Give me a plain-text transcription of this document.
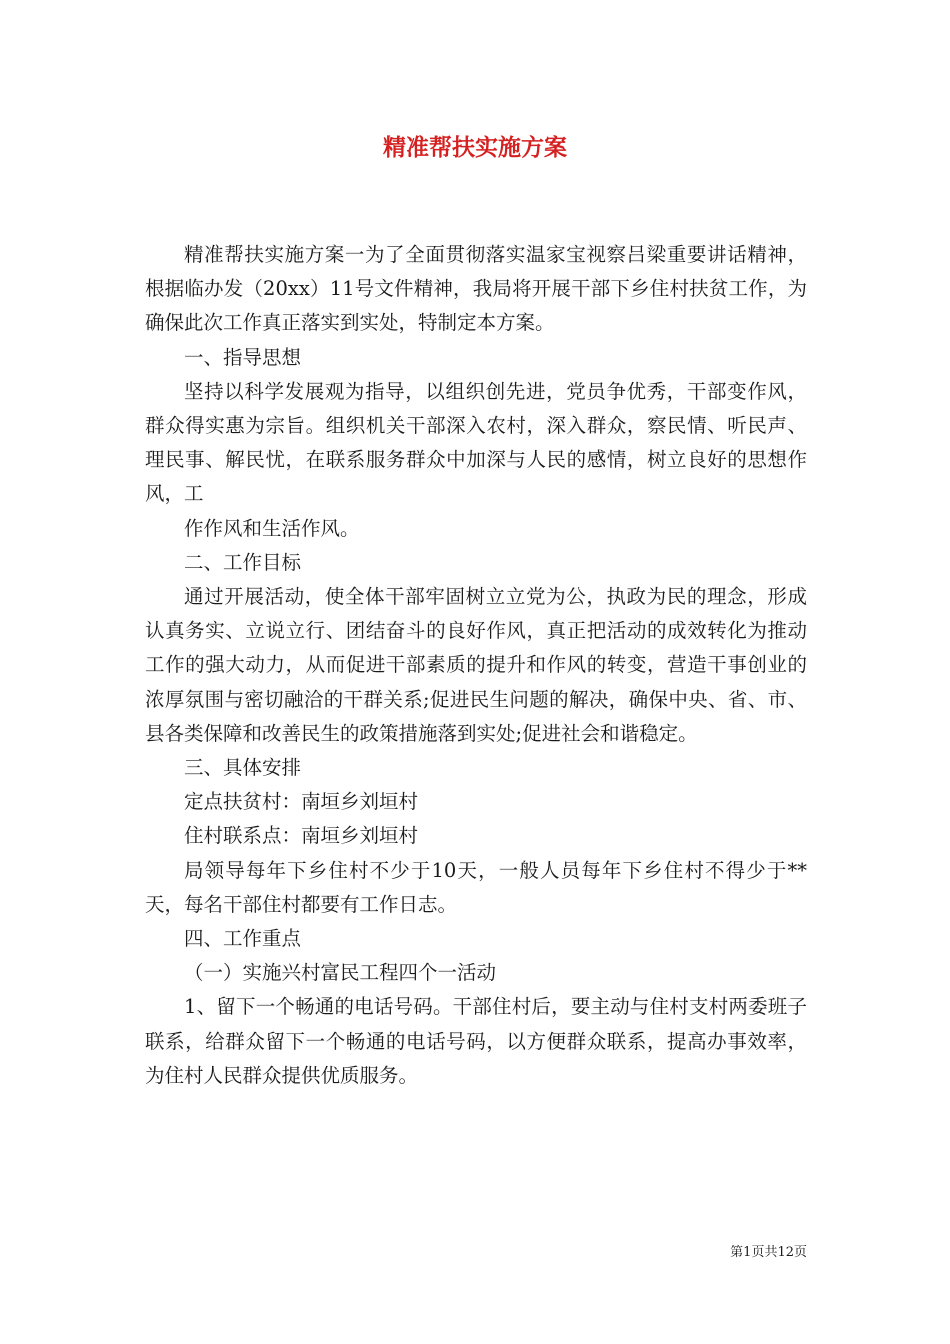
精准帮扶实施方案

精准帮扶实施方案一为了全面贯彻落实温家宝视察吕梁重要讲话精神，根据临办发（20xx）11号文件精神，我局将开展干部下乡住村扶贫工作，为确保此次工作真正落实到实处，特制定本方案。

一、指导思想

坚持以科学发展观为指导，以组织创先进，党员争优秀，干部变作风，群众得实惠为宗旨。组织机关干部深入农村，深入群众，察民情、听民声、理民事、解民忧，在联系服务群众中加深与人民的感情，树立良好的思想作风，工

作作风和生活作风。

二、工作目标

通过开展活动，使全体干部牢固树立立党为公，执政为民的理念，形成认真务实、立说立行、团结奋斗的良好作风，真正把活动的成效转化为推动工作的强大动力，从而促进干部素质的提升和作风的转变，营造干事创业的浓厚氛围与密切融洽的干群关系;促进民生问题的解决，确保中央、省、市、县各类保障和改善民生的政策措施落到实处;促进社会和谐稳定。

三、具体安排

定点扶贫村：南垣乡刘垣村

住村联系点：南垣乡刘垣村

局领导每年下乡住村不少于10天，一般人员每年下乡住村不得少于**天，每名干部住村都要有工作日志。

四、工作重点

（一）实施兴村富民工程四个一活动

1、留下一个畅通的电话号码。干部住村后，要主动与住村支村两委班子联系，给群众留下一个畅通的电话号码，以方便群众联系，提高办事效率，为住村人民群众提供优质服务。

第1页共12页
